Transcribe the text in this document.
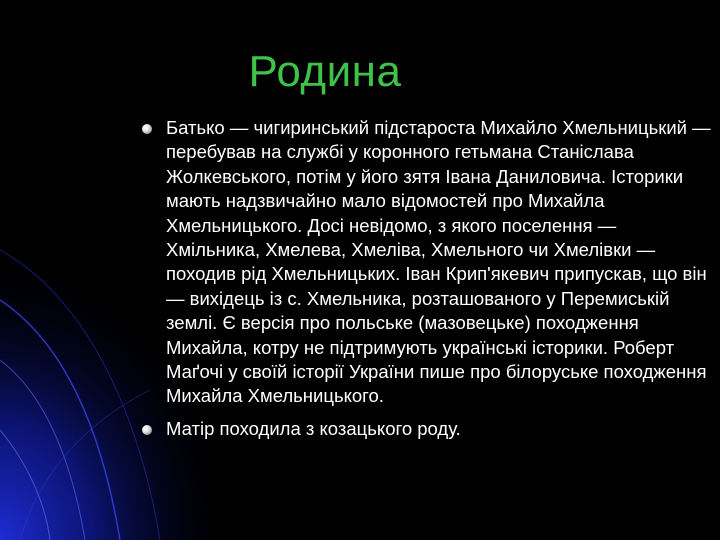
Родина
Батько — чигиринський підстароста Михайло Хмельницький — перебував на службі у коронного гетьмана Станіслава Жолкевського, потім у його зятя Івана Даниловича. Історики мають надзвичайно мало відомостей про Михайла Хмельницького. Досі невідомо, з якого поселення — Хмільника, Хмелева, Хмеліва, Хмельного чи Хмелівки — походив рід Хмельницьких. Іван Крип'якевич припускав, що він — вихідець із с. Хмельника, розташованого у Перемиській землі. Є версія про польське (мазовецьке) походження Михайла, котру не підтримують українські історики. Роберт Маґочі у своїй історії України пише про білоруське походження Михайла Хмельницького.
Матір походила з козацького роду.
